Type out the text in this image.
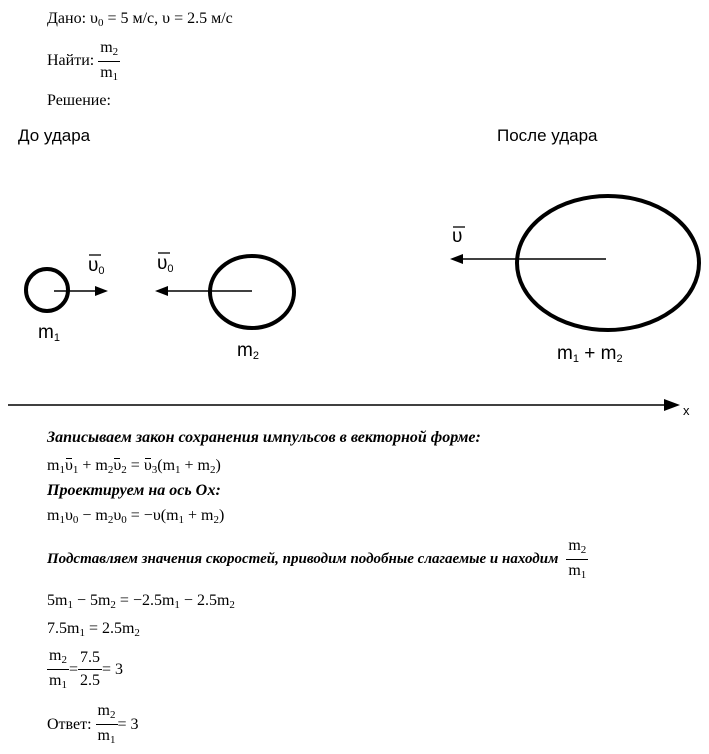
Дано: $\upsilon_0 = 5$ м/с, υ = 2.5 м/с
Найти: $\frac{m_2}{m_1}$
Решение:
До удара	После удара
$\upsilon_0$	$\upsilon_0$
υ
$m_1$
$m_2$	$m_1 + m_2$
x
Записываем закон сохранения импульсов в векторной форме:
$m_1\upsilon_1 + m_2\upsilon_2 = \upsilon_3(m_1 + m_2)$
Проектируем на ось Ох:
$m_1\upsilon_0 - m_2\upsilon_0 = -\upsilon(m_1 + m_2)$
Подставляем значения скоростей, приводим подобные слагаемые и находим $\frac{m_2}{m_1}$
$5m_1 - 5m_2 = -2.5m_1 - 2.5m_2$
$7.5m_1 = 2.5m_2$
$\frac{m_2}{m_1} = \frac{7.5}{2.5} = 3$
Ответ:
$\frac{m_2}{m_1} = 3$
